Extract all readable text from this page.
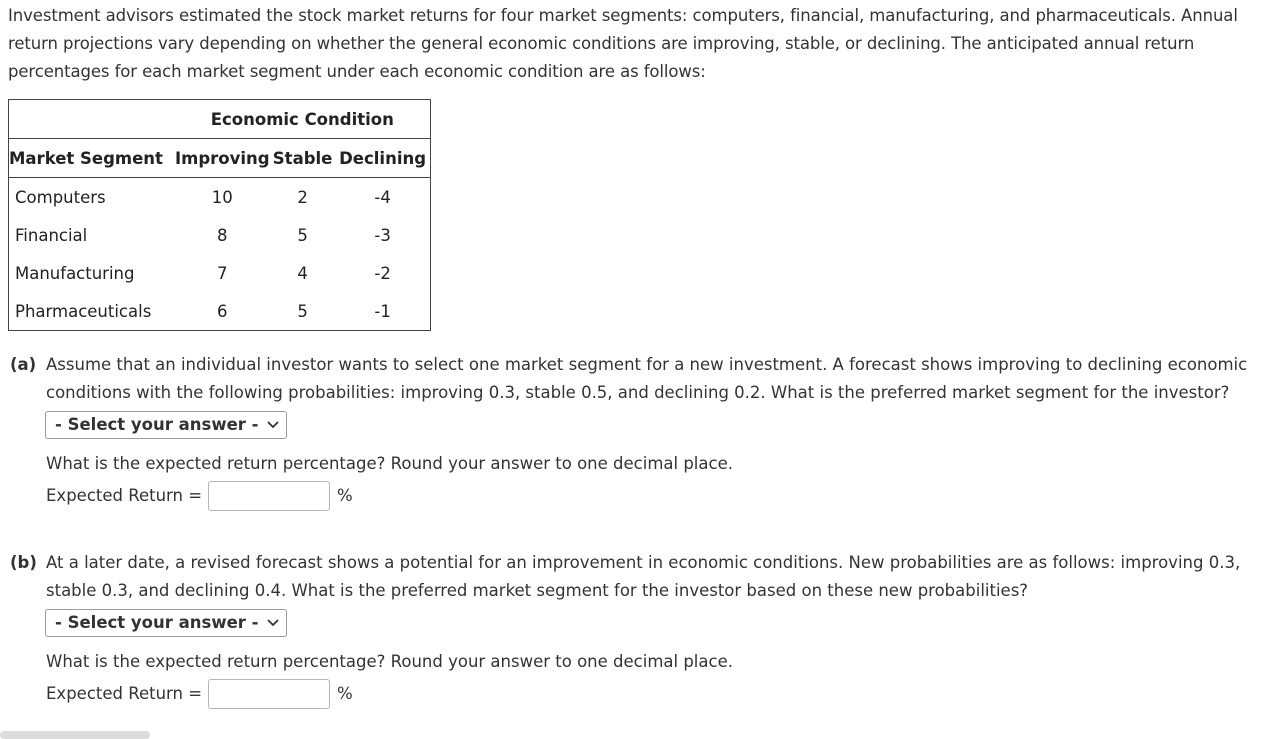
Investment advisors estimated the stock market returns for four market segments: computers, financial, manufacturing, and pharmaceuticals. Annual return projections vary depending on whether the general economic conditions are improving, stable, or declining. The anticipated annual return percentages for each market segment under each economic condition are as follows:
	Economic Condition		
Market Segment	Improving	Stable	Declining
Computers	10	2	-4
Financial	8	5	-3
Manufacturing	7	4	-2
Pharmaceuticals	6	5	-1
(a) Assume that an individual investor wants to select one market segment for a new investment. A forecast shows improving to declining economic conditions with the following probabilities: improving 0.3, stable 0.5, and declining 0.2. What is the preferred market segment for the investor?
- Select your answer -
What is the expected return percentage? Round your answer to one decimal place.
Expected Return =	%
(b) At a later date, a revised forecast shows a potential for an improvement in economic conditions. New probabilities are as follows: improving 0.3, stable 0.3, and declining 0.4. What is the preferred market segment for the investor based on these new probabilities?
- Select your answer -
What is the expected return percentage? Round your answer to one decimal place.
Expected Return =	%
